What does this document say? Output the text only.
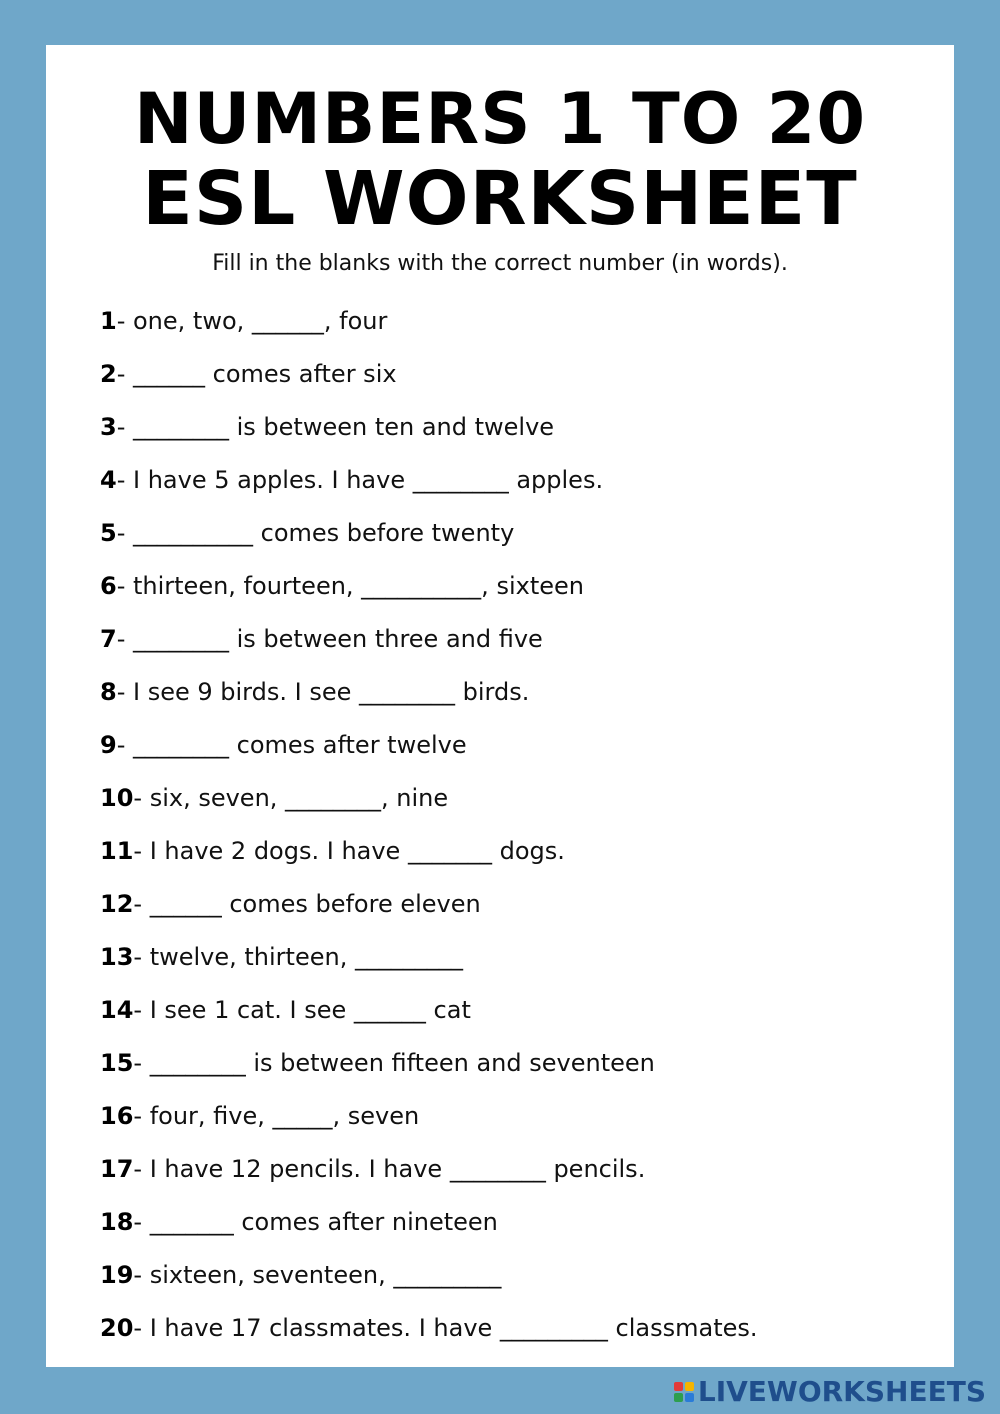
NUMBERS 1 TO 20
ESL WORKSHEET

Fill in the blanks with the correct number (in words).

1- one, two, ______, four
2- ______ comes after six
3- ________ is between ten and twelve
4- I have 5 apples. I have ________ apples.
5- __________ comes before twenty
6- thirteen, fourteen, __________, sixteen
7- ________ is between three and five
8- I see 9 birds. I see ________ birds.
9- ________ comes after twelve
10- six, seven, ________, nine
11- I have 2 dogs. I have _______ dogs.
12- ______ comes before eleven
13- twelve, thirteen, _________
14- I see 1 cat. I see ______ cat
15- ________ is between fifteen and seventeen
16- four, five, _____, seven
17- I have 12 pencils. I have ________ pencils.
18- _______ comes after nineteen
19- sixteen, seventeen, _________
20- I have 17 classmates. I have _________ classmates.
LIVEWORKSHEETS
